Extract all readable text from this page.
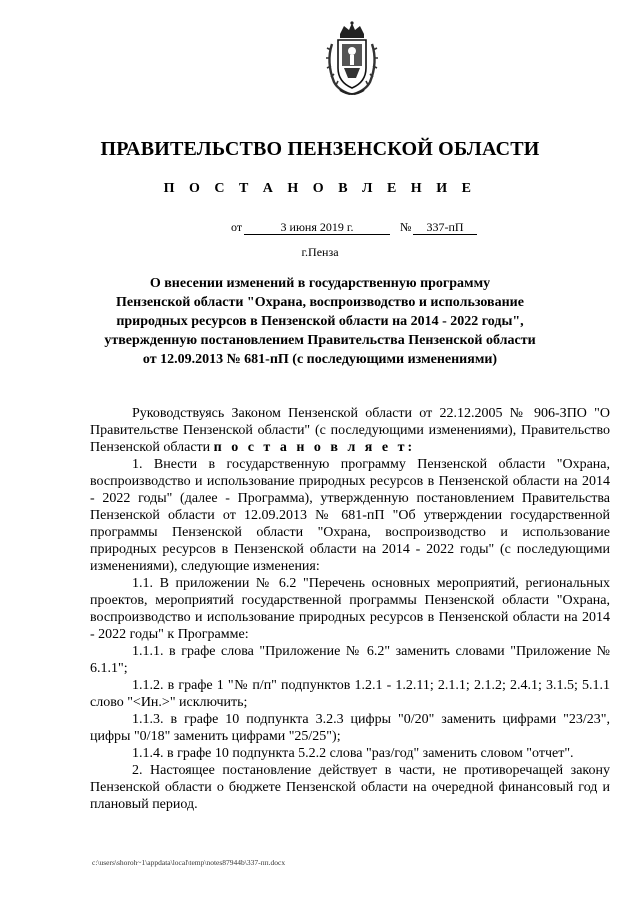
ПРАВИТЕЛЬСТВО ПЕНЗЕНСКОЙ ОБЛАСТИ
П О С Т А Н О В Л Е Н И Е
от	3 июня 2019 г.	№	337-пП
г.Пенза
О внесении изменений в государственную программу
Пензенской области "Охрана, воспроизводство и использование
природных ресурсов в Пензенской области на 2014 - 2022 годы",
утвержденную постановлением Правительства Пензенской области
от 12.09.2013 № 681-пП (с последующими изменениями)

Руководствуясь Законом Пензенской области от 22.12.2005 № 906-ЗПО "О Правительстве Пензенской области" (с последующими изменениями), Правительство Пензенской области п о с т а н о в л я е т:

1. Внести в государственную программу Пензенской области "Охрана, воспроизводство и использование природных ресурсов в Пензенской области на 2014 - 2022 годы" (далее - Программа), утвержденную постановлением Правительства Пензенской области от 12.09.2013 № 681-пП "Об утверждении государственной программы Пензенской области "Охрана, воспроизводство и использование природных ресурсов в Пензенской области на 2014 - 2022 годы" (с последующими изменениями), следующие изменения:

1.1. В приложении № 6.2 "Перечень основных мероприятий, региональных проектов, мероприятий государственной программы Пензенской области "Охрана, воспроизводство и использование природных ресурсов в Пензенской области на 2014 - 2022 годы" к Программе:

1.1.1. в графе слова "Приложение № 6.2" заменить словами "Приложение № 6.1.1";

1.1.2. в графе 1 "№ п/п" подпунктов 1.2.1 - 1.2.11; 2.1.1; 2.1.2; 2.4.1; 3.1.5; 5.1.1 слово "<Ин.>" исключить;

1.1.3. в графе 10 подпункта 3.2.3 цифры "0/20" заменить цифрами "23/23", цифры "0/18" заменить цифрами "25/25");

1.1.4. в графе 10 подпункта 5.2.2 слова "раз/год" заменить словом "отчет".

2. Настоящее постановление действует в части, не противоречащей закону Пензенской области о бюджете Пензенской области на очередной финансовый год и плановый период.

c:\users\shoroh~1\appdata\local\temp\notes87944b\337-пп.docx
